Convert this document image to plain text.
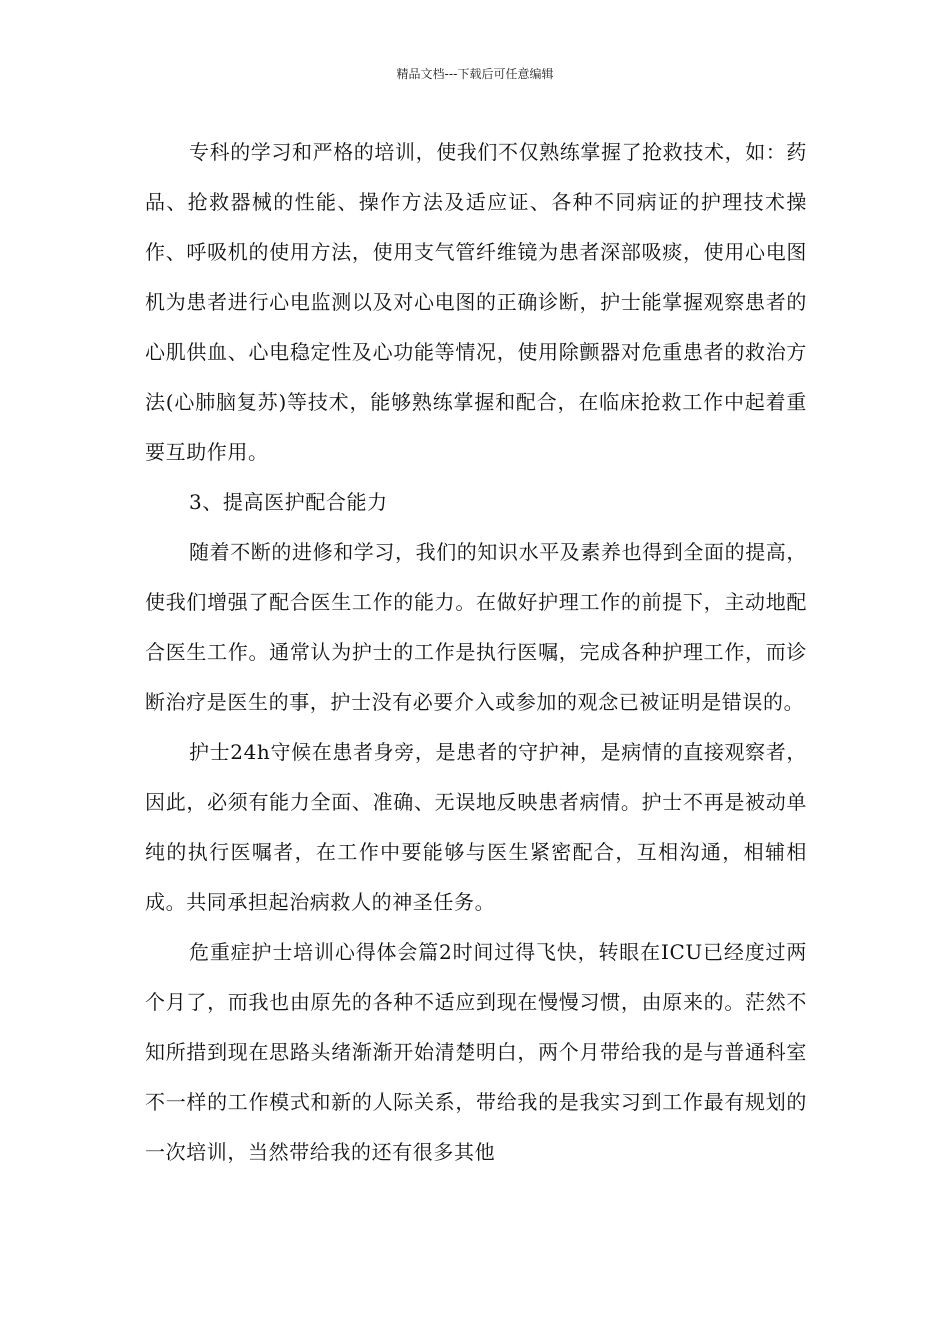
精品文档---下载后可任意编辑

专科的学习和严格的培训，使我们不仅熟练掌握了抢救技术，如：药品、抢救器械的性能、操作方法及适应证、各种不同病证的护理技术操作、呼吸机的使用方法，使用支气管纤维镜为患者深部吸痰，使用心电图机为患者进行心电监测以及对心电图的正确诊断，护士能掌握观察患者的心肌供血、心电稳定性及心功能等情况，使用除颤器对危重患者的救治方法(心肺脑复苏)等技术，能够熟练掌握和配合，在临床抢救工作中起着重要互助作用。

3、提高医护配合能力

随着不断的进修和学习，我们的知识水平及素养也得到全面的提高，使我们增强了配合医生工作的能力。在做好护理工作的前提下，主动地配合医生工作。通常认为护士的工作是执行医嘱，完成各种护理工作，而诊断治疗是医生的事，护士没有必要介入或参加的观念已被证明是错误的。

护士24h守候在患者身旁，是患者的守护神，是病情的直接观察者，因此，必须有能力全面、准确、无误地反映患者病情。护士不再是被动单纯的执行医嘱者，在工作中要能够与医生紧密配合，互相沟通，相辅相成。共同承担起治病救人的神圣任务。

危重症护士培训心得体会篇2时间过得飞快，转眼在ICU已经度过两个月了，而我也由原先的各种不适应到现在慢慢习惯，由原来的。茫然不知所措到现在思路头绪渐渐开始清楚明白，两个月带给我的是与普通科室不一样的工作模式和新的人际关系，带给我的是我实习到工作最有规划的一次培训，当然带给我的还有很多其他
